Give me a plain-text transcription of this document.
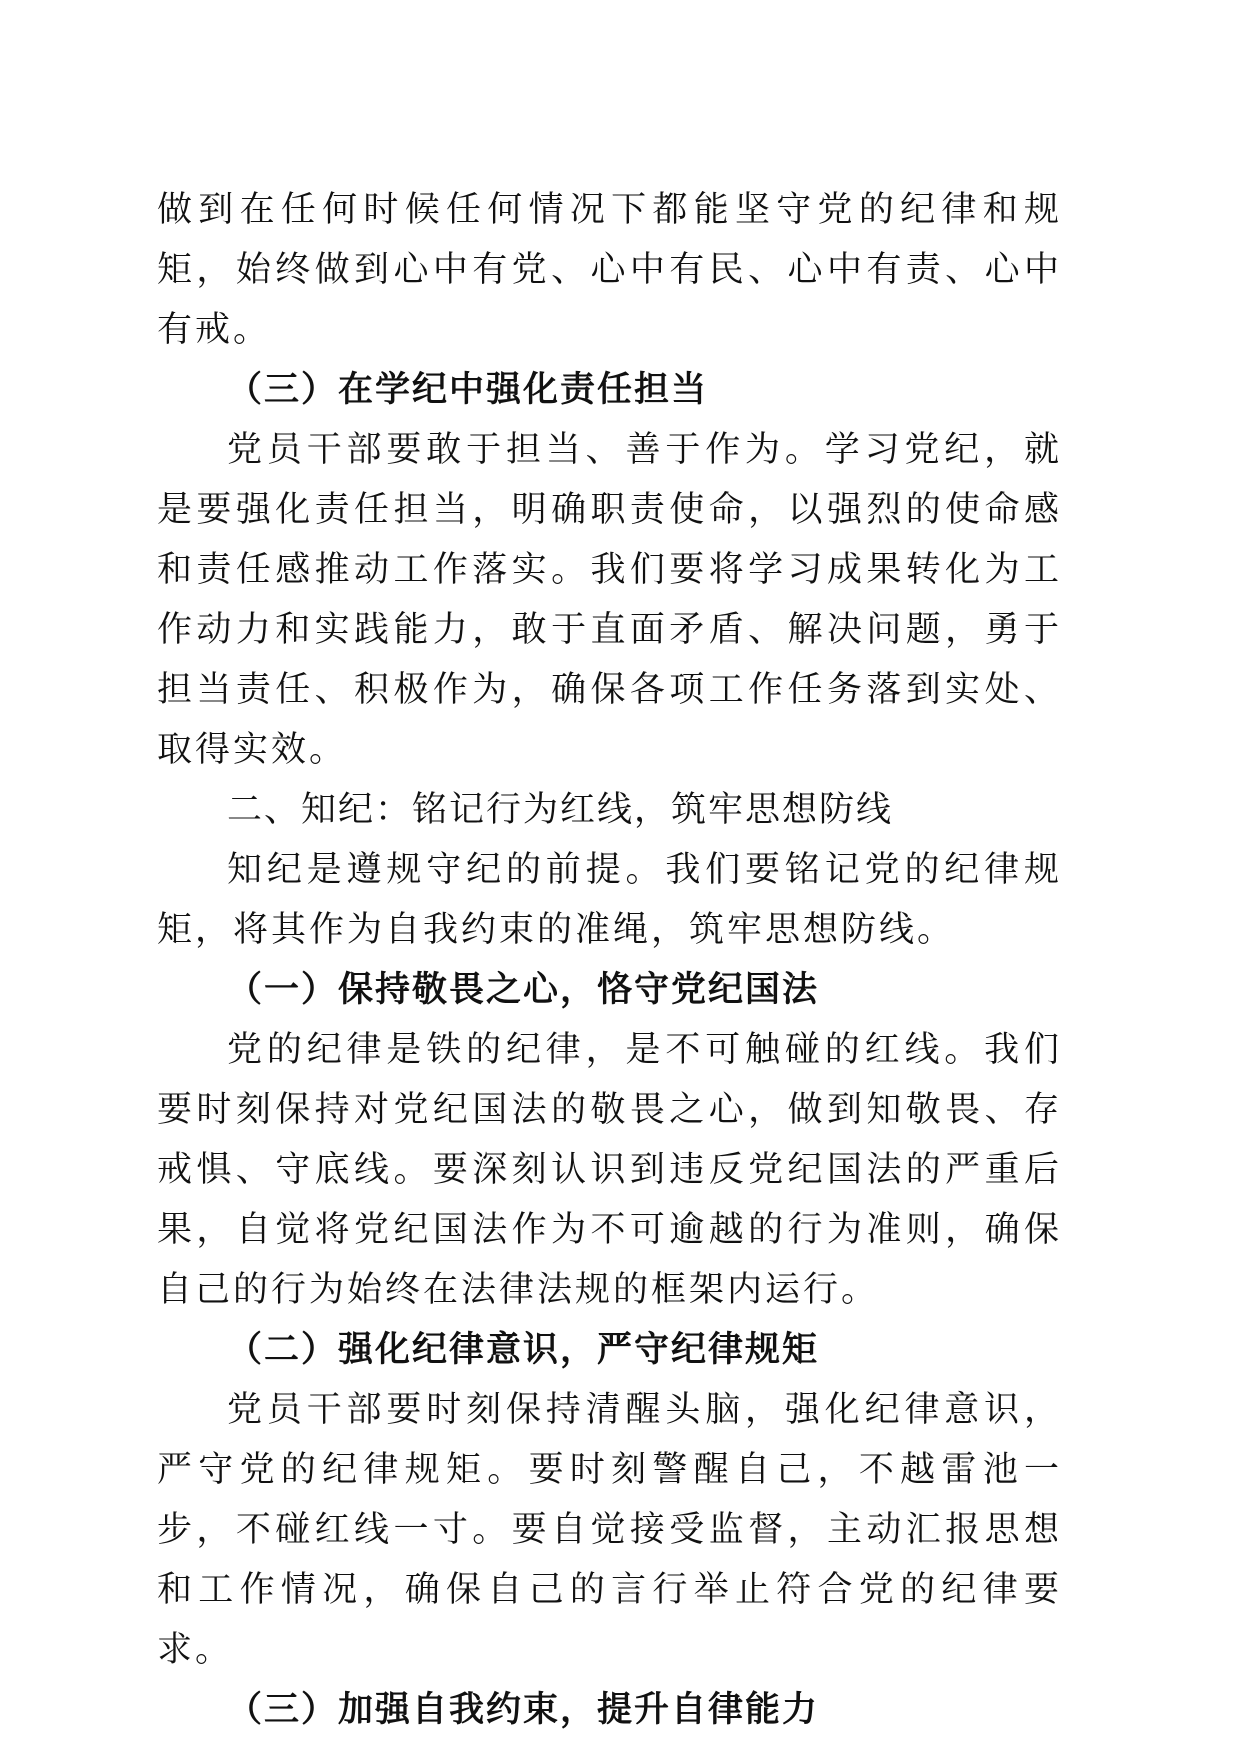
做到在任何时候任何情况下都能坚守党的纪律和规矩，始终做到心中有党、心中有民、心中有责、心中有戒。

（三）在学纪中强化责任担当

党员干部要敢于担当、善于作为。学习党纪，就是要强化责任担当，明确职责使命，以强烈的使命感和责任感推动工作落实。我们要将学习成果转化为工作动力和实践能力，敢于直面矛盾、解决问题，勇于担当责任、积极作为，确保各项工作任务落到实处、取得实效。

二、知纪：铭记行为红线，筑牢思想防线

知纪是遵规守纪的前提。我们要铭记党的纪律规矩，将其作为自我约束的准绳，筑牢思想防线。

（一）保持敬畏之心，恪守党纪国法

党的纪律是铁的纪律，是不可触碰的红线。我们要时刻保持对党纪国法的敬畏之心，做到知敬畏、存戒惧、守底线。要深刻认识到违反党纪国法的严重后果，自觉将党纪国法作为不可逾越的行为准则，确保自己的行为始终在法律法规的框架内运行。

（二）强化纪律意识，严守纪律规矩

党员干部要时刻保持清醒头脑，强化纪律意识，严守党的纪律规矩。要时刻警醒自己，不越雷池一步，不碰红线一寸。要自觉接受监督，主动汇报思想和工作情况，确保自己的言行举止符合党的纪律要求。

（三）加强自我约束，提升自律能力
